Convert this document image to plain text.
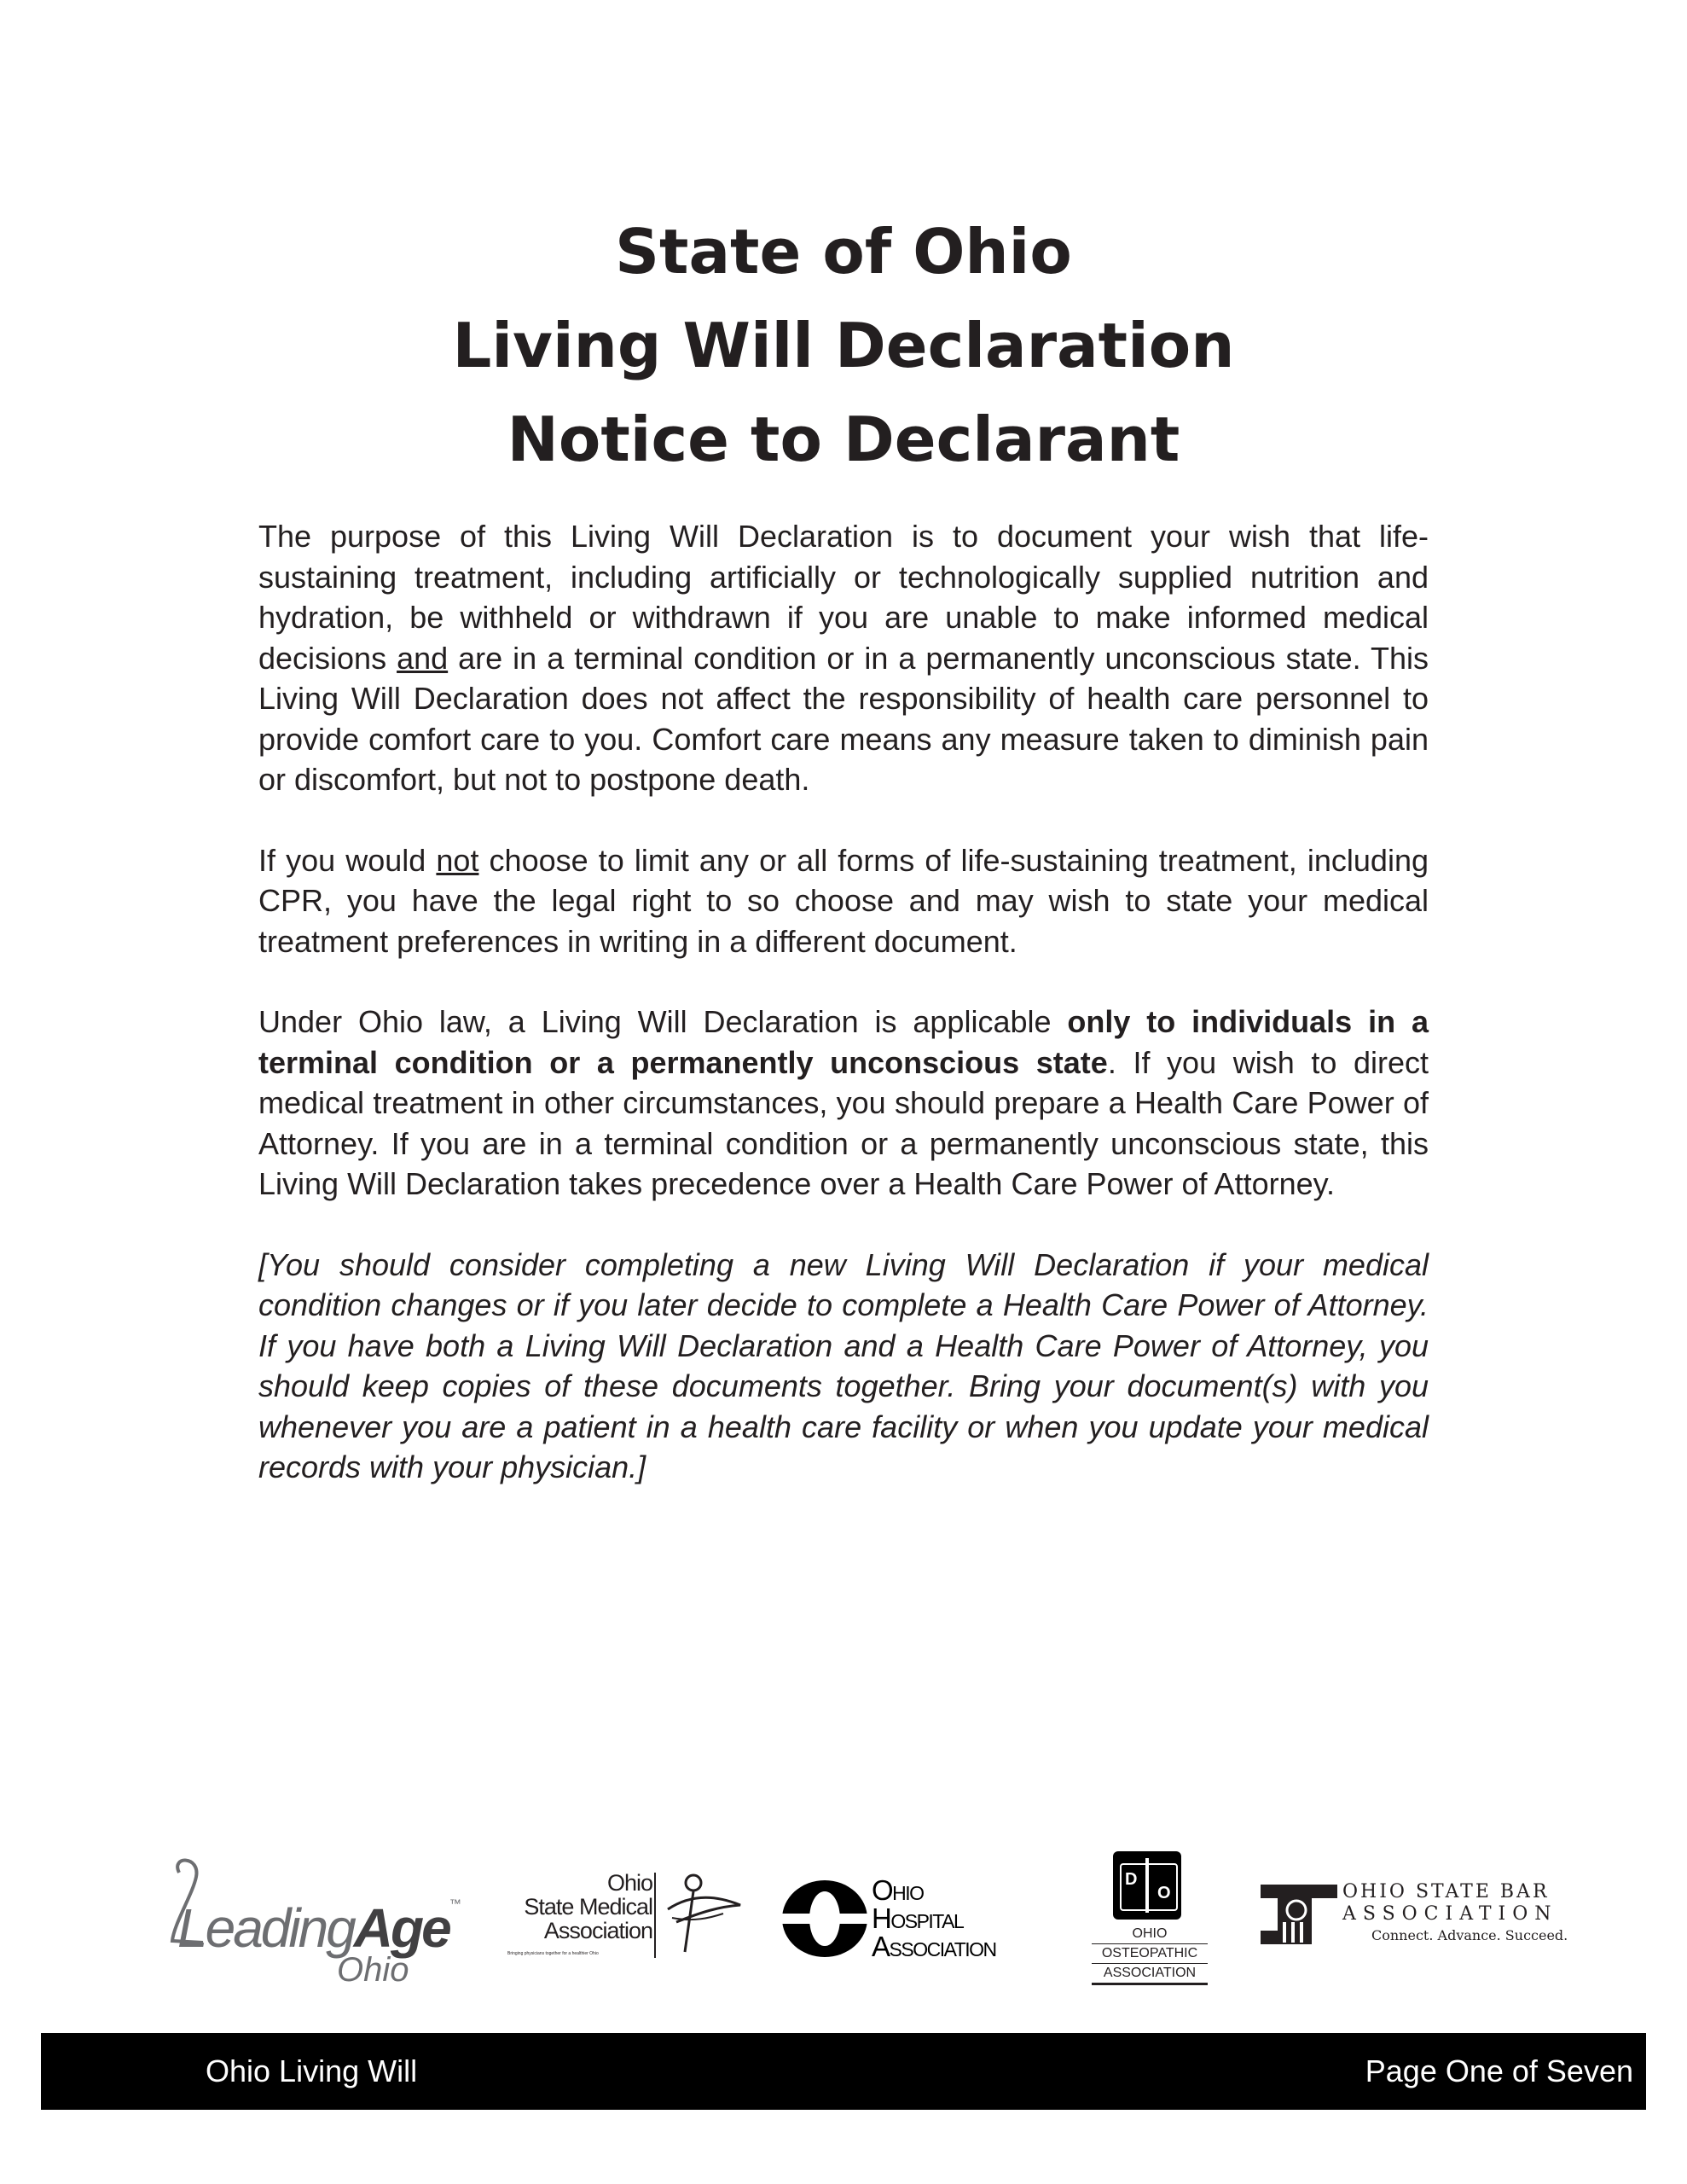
State of Ohio
Living Will Declaration
Notice to Declarant

The purpose of this Living Will Declaration is to document your wish that life-sustaining treatment, including artificially or technologically supplied nutrition and hydration, be withheld or withdrawn if you are unable to make informed medical decisions and are in a terminal condition or in a permanently unconscious state. This Living Will Declaration does not affect the responsibility of health care personnel to provide comfort care to you. Comfort care means any measure taken to diminish pain or discomfort, but not to postpone death.

If you would not choose to limit any or all forms of life-sustaining treatment, including CPR, you have the legal right to so choose and may wish to state your medical treatment preferences in writing in a different document.

Under Ohio law, a Living Will Declaration is applicable only to individuals in a terminal condition or a permanently unconscious state. If you wish to direct medical treatment in other circumstances, you should prepare a Health Care Power of Attorney. If you are in a terminal condition or a permanently unconscious state, this Living Will Declaration takes precedence over a Health Care Power of Attorney.

[You should consider completing a new Living Will Declaration if your medical condition changes or if you later decide to complete a Health Care Power of Attorney. If you have both a Living Will Declaration and a Health Care Power of Attorney, you should keep copies of these documents together. Bring your document(s) with you whenever you are a patient in a health care facility or when you update your medical records with your physician.]

LeadingAge™
Ohio
Ohio
State Medical
Association
Bringing physicians together for a healthier Ohio
Ohio
Hospital
Association
D
O
OHIO
OSTEOPATHIC
ASSOCIATION
OHIO STATE BAR
ASSOCIATION
Connect. Advance. Succeed.
Ohio Living Will	Page One of Seven
